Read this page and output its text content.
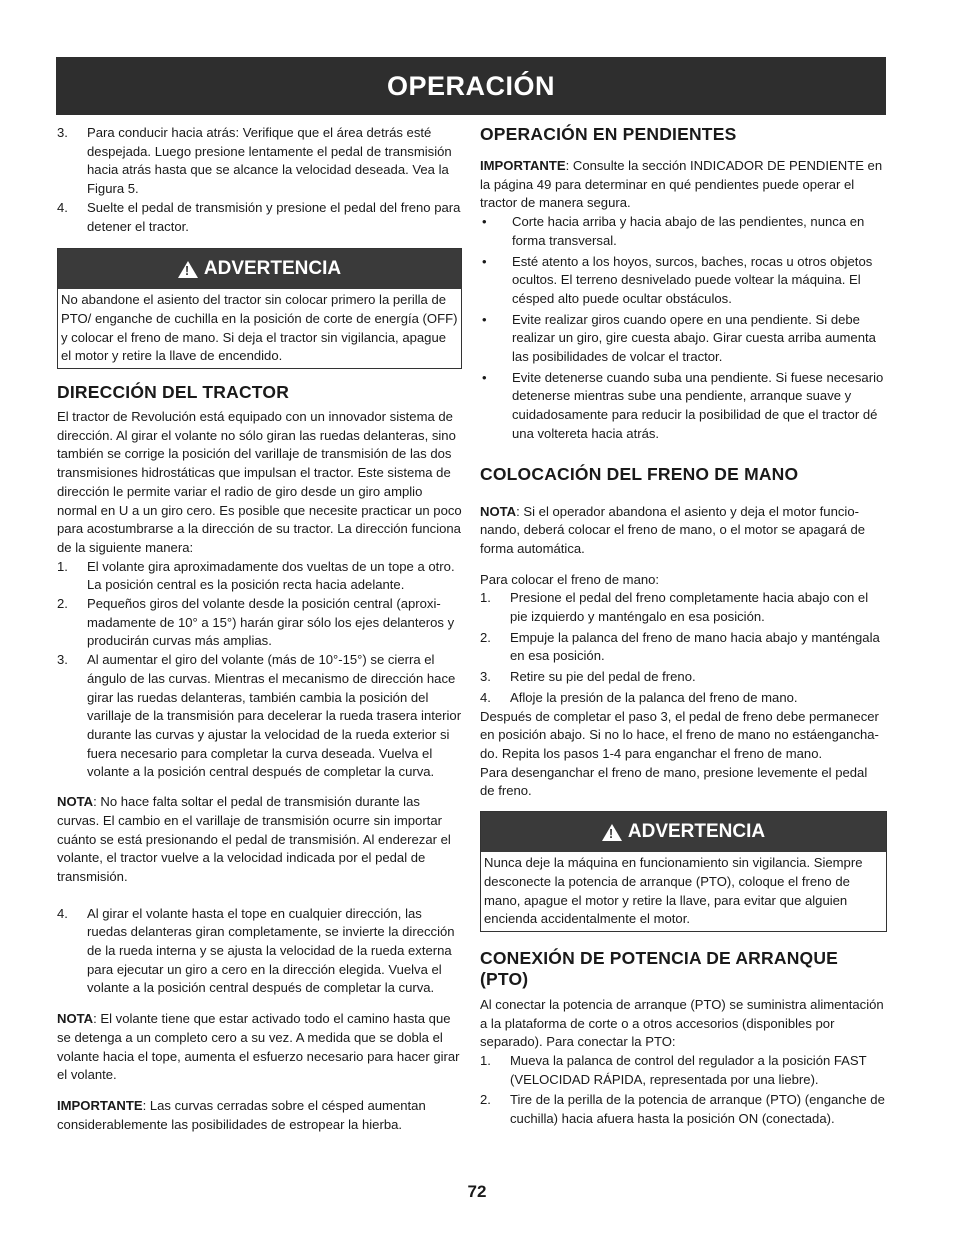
OPERACIÓN
3.	Para conducir hacia atrás: Verifique que el área detrás esté despejada. Luego presione lentamente el pedal de transmisión hacia atrás hasta que se alcance la velocidad deseada. Vea la Figura 5.
4.	Suelte el pedal de transmisión y presione el pedal del freno para detener el tractor.
!
ADVERTENCIA

No abandone el asiento del tractor sin colocar primero la perilla de PTO/ enganche de cuchilla en la posición de corte de energía (OFF) y colocar el freno de mano. Si deja el tractor sin vigilancia, apague el motor y retire la llave de encendido.

DIRECCIÓN DEL TRACTOR

El tractor de Revolución está equipado con un innovador sistema de dirección. Al girar el volante no sólo giran las ruedas delanteras, sino también se corrige la posición del varillaje de transmisión de las dos transmisiones hidrostáticas que impulsan el tractor. Este sistema de dirección le permite variar el radio de giro desde un giro amplio normal en U a un giro cero. Es posible que necesite practicar un poco para acostumbrarse a la dirección de su tractor. La dirección funciona de la siguiente manera:

1.	El volante gira aproximadamente dos vueltas de un tope a otro. La posición central es la posición recta hacia adelante.
2.	Pequeños giros del volante desde la posición central (aproxi-madamente de 10° a 15°) harán girar sólo los ejes delanteros y producirán curvas más amplias.
3.	Al aumentar el giro del volante (más de 10°-15°) se cierra el ángulo de las curvas. Mientras el mecanismo de dirección hace girar las ruedas delanteras, también cambia la posición del varillaje de la transmisión para decelerar la rueda trasera interior durante las curvas y ajustar la velocidad de la rueda exterior si fuera necesario para completar la curva deseada. Vuelva el volante a la posición central después de completar la curva.

NOTA: No hace falta soltar el pedal de transmisión durante las curvas. El cambio en el varillaje de transmisión ocurre sin importar cuánto se está presionando el pedal de transmisión. Al enderezar el volante, el tractor vuelve a la velocidad indicada por el pedal de transmisión.

4.	Al girar el volante hasta el tope en cualquier dirección, las ruedas delanteras giran completamente, se invierte la dirección de la rueda interna y se ajusta la velocidad de la rueda externa para ejecutar un giro a cero en la dirección elegida. Vuelva el volante a la posición central después de completar la curva.

NOTA: El volante tiene que estar activado todo el camino hasta que se detenga a un completo cero a su vez. A medida que se dobla el volante hacia el tope, aumenta el esfuerzo necesario para hacer girar el volante.

IMPORTANTE: Las curvas cerradas sobre el césped aumentan considerablemente las posibilidades de estropear la hierba.

OPERACIÓN EN PENDIENTES

IMPORTANTE: Consulte la sección INDICADOR DE PENDIENTE en la página 49 para determinar en qué pendientes puede operar el tractor de manera segura.

•	Corte hacia arriba y hacia abajo de las pendientes, nunca en forma transversal.
•	Esté atento a los hoyos, surcos, baches, rocas u otros objetos ocultos. El terreno desnivelado puede voltear la máquina. El césped alto puede ocultar obstáculos.
•	Evite realizar giros cuando opere en una pendiente. Si debe realizar un giro, gire cuesta abajo. Girar cuesta arriba aumenta las posibilidades de volcar el tractor.
•	Evite detenerse cuando suba una pendiente. Si fuese necesario detenerse mientras sube una pendiente, arranque suave y cuidadosamente para reducir la posibilidad de que el tractor dé una voltereta hacia atrás.
COLOCACIÓN DEL FRENO DE MANO

NOTA: Si el operador abandona el asiento y deja el motor funcio-nando, deberá colocar el freno de mano, o el motor se apagará de forma automática.

Para colocar el freno de mano:

1.	Presione el pedal del freno completamente hacia abajo con el pie izquierdo y manténgalo en esa posición.
2.	Empuje la palanca del freno de mano hacia abajo y manténgala en esa posición.
3.	Retire su pie del pedal de freno.
4.	Afloje la presión de la palanca del freno de mano.

Después de completar el paso 3, el pedal de freno debe permanecer en posición abajo. Si no lo hace, el freno de mano no estáengancha-do. Repita los pasos 1-4 para enganchar el freno de mano.

Para desenganchar el freno de mano, presione levemente el pedal de freno.

!
ADVERTENCIA

Nunca deje la máquina en funcionamiento sin vigilancia. Siempre desconecte la potencia de arranque (PTO), coloque el freno de mano, apague el motor y retire la llave, para evitar que alguien encienda accidentalmente el motor.

CONEXIÓN DE POTENCIA DE ARRANQUE (PTO)

Al conectar la potencia de arranque (PTO) se suministra alimentación a la plataforma de corte o a otros accesorios (disponibles por separado). Para conectar la PTO:

1.	Mueva la palanca de control del regulador a la posición FAST (VELOCIDAD RÁPIDA, representada por una liebre).
2.	Tire de la perilla de la potencia de arranque (PTO) (enganche de cuchilla) hacia afuera hasta la posición ON (conectada).
72
